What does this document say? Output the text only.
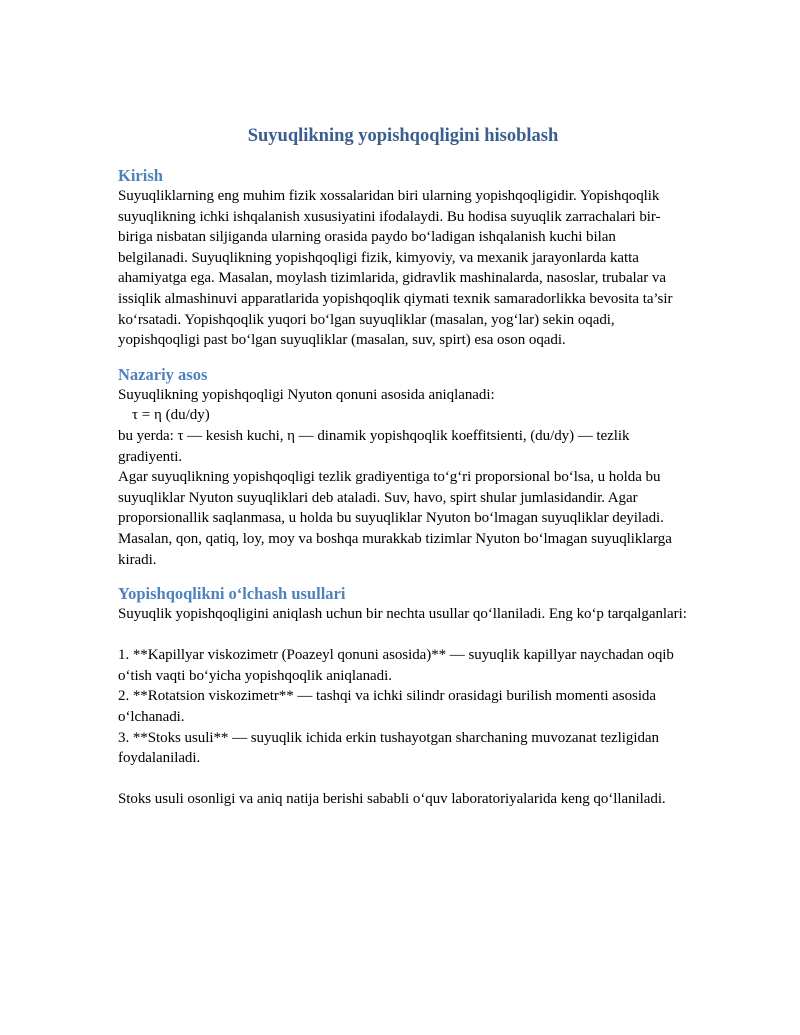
Suyuqlikning yopishqoqligini hisoblash
Kirish

Suyuqliklarning eng muhim fizik xossalaridan biri ularning yopishqoqligidir. Yopishqoqlik suyuqlikning ichki ishqalanish xususiyatini ifodalaydi. Bu hodisa suyuqlik zarrachalari bir-biriga nisbatan siljiganda ularning orasida paydo bo‘ladigan ishqalanish kuchi bilan belgilanadi. Suyuqlikning yopishqoqligi fizik, kimyoviy, va mexanik jarayonlarda katta ahamiyatga ega. Masalan, moylash tizimlarida, gidravlik mashinalarda, nasoslar, trubalar va issiqlik almashinuvi apparatlarida yopishqoqlik qiymati texnik samaradorlikka bevosita ta’sir ko‘rsatadi. Yopishqoqlik yuqori bo‘lgan suyuqliklar (masalan, yog‘lar) sekin oqadi, yopishqoqligi past bo‘lgan suyuqliklar (masalan, suv, spirt) esa oson oqadi.

Nazariy asos

Suyuqlikning yopishqoqligi Nyuton qonuni asosida aniqlanadi:

τ = η (du/dy)

bu yerda: τ — kesish kuchi, η — dinamik yopishqoqlik koeffitsienti, (du/dy) — tezlik gradiyenti.

Agar suyuqlikning yopishqoqligi tezlik gradiyentiga to‘g‘ri proporsional bo‘lsa, u holda bu suyuqliklar Nyuton suyuqliklari deb ataladi. Suv, havo, spirt shular jumlasidandir. Agar proporsionallik saqlanmasa, u holda bu suyuqliklar Nyuton bo‘lmagan suyuqliklar deyiladi. Masalan, qon, qatiq, loy, moy va boshqa murakkab tizimlar Nyuton bo‘lmagan suyuqliklarga kiradi.

Yopishqoqlikni o‘lchash usullari

Suyuqlik yopishqoqligini aniqlash uchun bir nechta usullar qo‘llaniladi. Eng ko‘p tarqalganlari:

1. **Kapillyar viskozimetr (Poazeyl qonuni asosida)** — suyuqlik kapillyar naychadan oqib o‘tish vaqti bo‘yicha yopishqoqlik aniqlanadi.

2. **Rotatsion viskozimetr** — tashqi va ichki silindr orasidagi burilish momenti asosida o‘lchanadi.

3. **Stoks usuli** — suyuqlik ichida erkin tushayotgan sharchaning muvozanat tezligidan foydalaniladi.

Stoks usuli osonligi va aniq natija berishi sababli o‘quv laboratoriyalarida keng qo‘llaniladi.
